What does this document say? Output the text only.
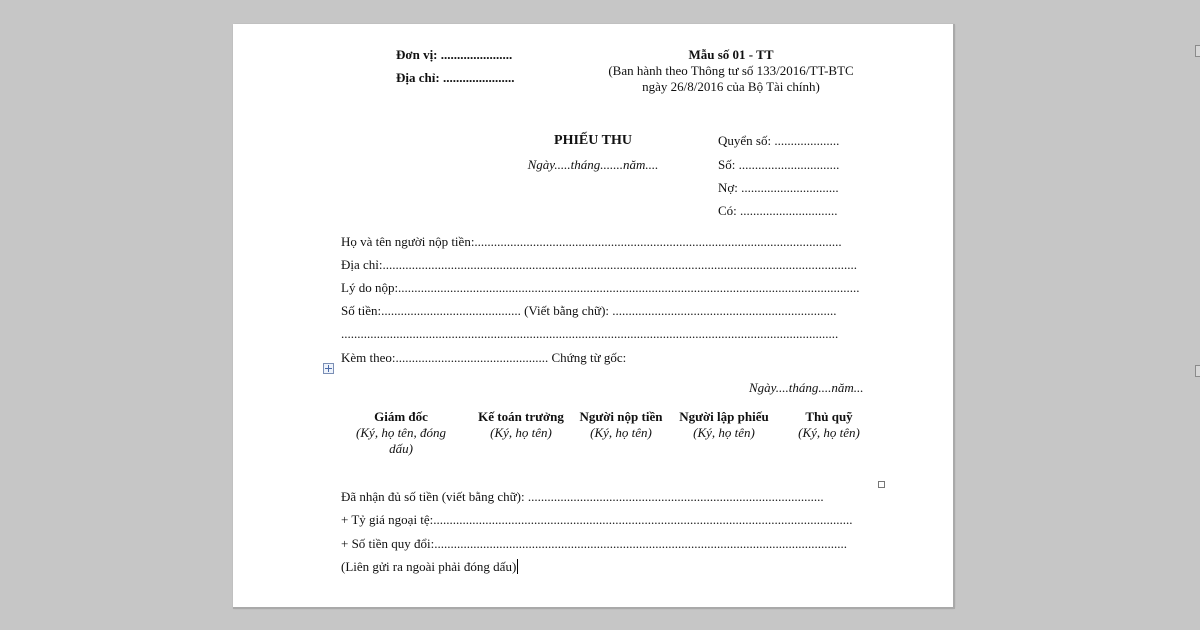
Đơn vị: ......................
Địa chỉ: ......................
Mẫu số 01 - TT
(Ban hành theo Thông tư số 133/2016/TT-BTC
ngày 26/8/2016 của Bộ Tài chính)
PHIẾU THU
Ngày.....tháng.......năm....
Quyển số: ....................
Số: ...............................
Nợ: ..............................
Có: ..............................
Họ và tên người nộp tiền:.................................................................................................................
Địa chỉ:..................................................................................................................................................
Lý do nộp:..............................................................................................................................................
Số tiền:........................................... (Viết bằng chữ): .....................................................................
.........................................................................................................................................................
Kèm theo:............................................... Chứng từ gốc:
Ngày....tháng....năm...
Giám đốc
(Ký, họ tên, đóng dấu)
Kế toán trưởng
(Ký, họ tên)
Người nộp tiền
(Ký, họ tên)
Người lập phiếu
(Ký, họ tên)
Thủ quỹ
(Ký, họ tên)
Đã nhận đủ số tiền (viết bằng chữ): ...........................................................................................
+ Tỷ giá ngoại tệ:.................................................................................................................................
+ Số tiền quy đổi:...............................................................................................................................
(Liên gửi ra ngoài phải đóng dấu)
